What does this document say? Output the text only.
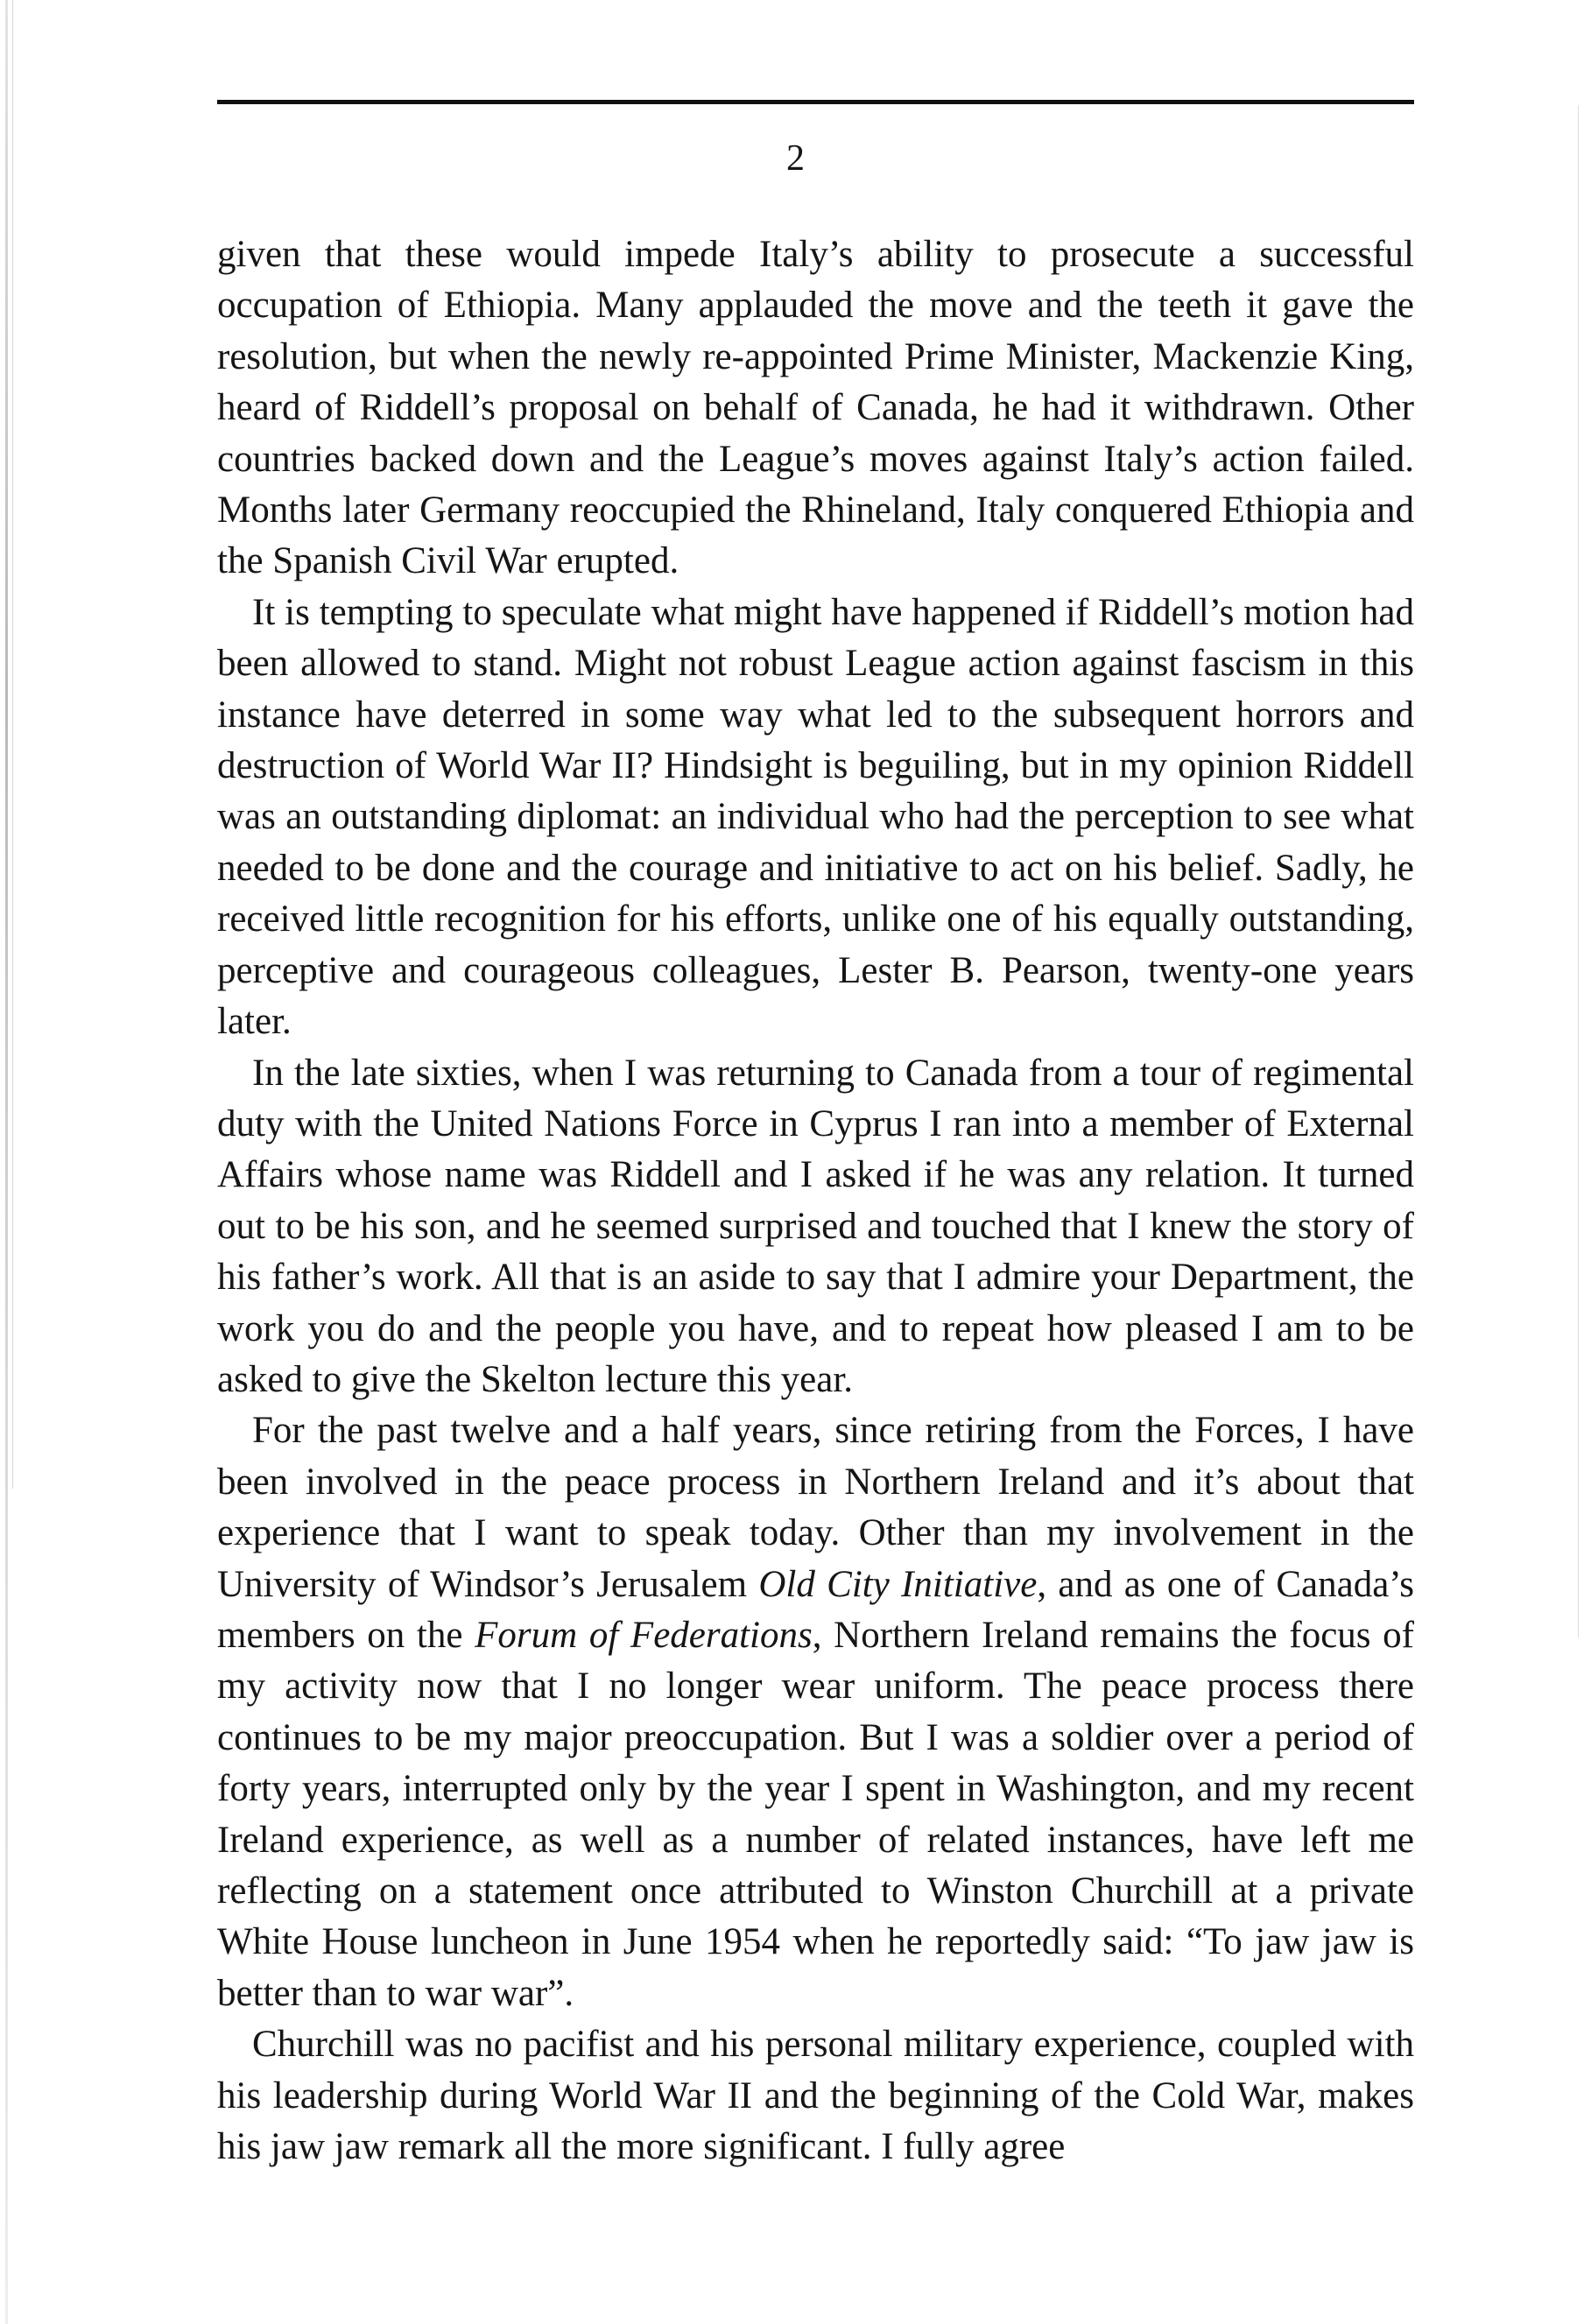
2

given that these would impede Italy’s ability to prosecute a successful occupation of Ethiopia. Many applauded the move and the teeth it gave the resolution, but when the newly re-appointed Prime Minister, Mackenzie King, heard of Riddell’s proposal on behalf of Canada, he had it withdrawn. Other countries backed down and the League’s moves against Italy’s action failed. Months later Germany reoccupied the Rhineland, Italy conquered Ethiopia and the Spanish Civil War erupted.

It is tempting to speculate what might have happened if Riddell’s motion had been allowed to stand. Might not robust League action against fascism in this instance have deterred in some way what led to the subsequent horrors and destruction of World War II? Hindsight is beguiling, but in my opinion Riddell was an outstanding diplomat: an individual who had the perception to see what needed to be done and the courage and initiative to act on his belief. Sadly, he received little recognition for his efforts, unlike one of his equally outstanding, perceptive and courageous colleagues, Lester B. Pearson, twenty-one years later.

In the late sixties, when I was returning to Canada from a tour of regimental duty with the United Nations Force in Cyprus I ran into a member of External Affairs whose name was Riddell and I asked if he was any relation. It turned out to be his son, and he seemed surprised and touched that I knew the story of his father’s work. All that is an aside to say that I admire your Department, the work you do and the people you have, and to repeat how pleased I am to be asked to give the Skelton lecture this year.

For the past twelve and a half years, since retiring from the Forces, I have been involved in the peace process in Northern Ireland and it’s about that experience that I want to speak today. Other than my involvement in the University of Windsor’s Jerusalem Old City Initiative, and as one of Canada’s members on the Forum of Federations, Northern Ireland remains the focus of my activity now that I no longer wear uniform. The peace process there continues to be my major preoccupation. But I was a soldier over a period of forty years, interrupted only by the year I spent in Washington, and my recent Ireland experience, as well as a number of related instances, have left me reflecting on a statement once attributed to Winston Churchill at a private White House luncheon in June 1954 when he reportedly said: “To jaw jaw is better than to war war”.

Churchill was no pacifist and his personal military experience, coupled with his leadership during World War II and the beginning of the Cold War, makes his jaw jaw remark all the more significant. I fully agree
